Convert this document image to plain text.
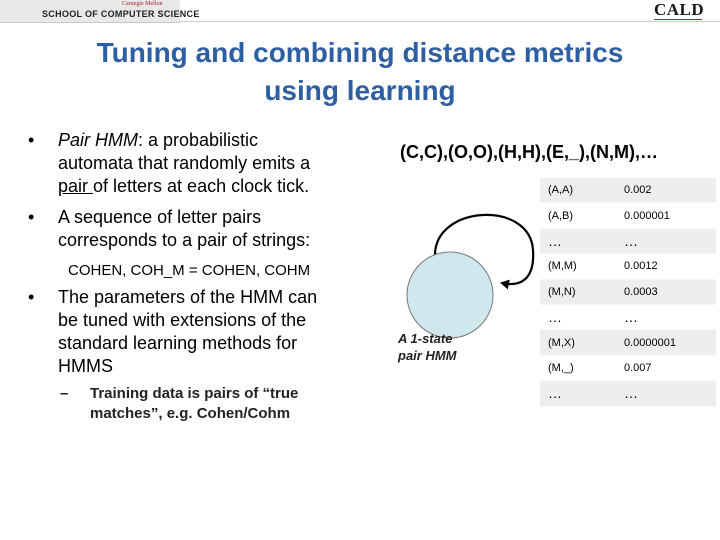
Carnegie Mellon
SCHOOL OF COMPUTER SCIENCE	CALD
Tuning and combining distance metrics
using learning
• Pair HMM: a probabilistic
automata that randomly emits a
pair of letters at each clock tick.
• A sequence of letter pairs
corresponds to a pair of strings:
COHEN, COH_M = COHEN, COHM
• The parameters of the HMM can
be tuned with extensions of the
standard learning methods for
HMMS
– Training data is pairs of “true
matches”, e.g. Cohen/Cohm
(C,C),(O,O),(H,H),(E,_),(N,M),…
A 1-state
pair HMM
(A,A)	0.002
(A,B)	0.000001
…	…
(M,M)	0.0012
(M,N)	0.0003
…	…
(M,X)	0.0000001
(M,_)	0.007
…	…
